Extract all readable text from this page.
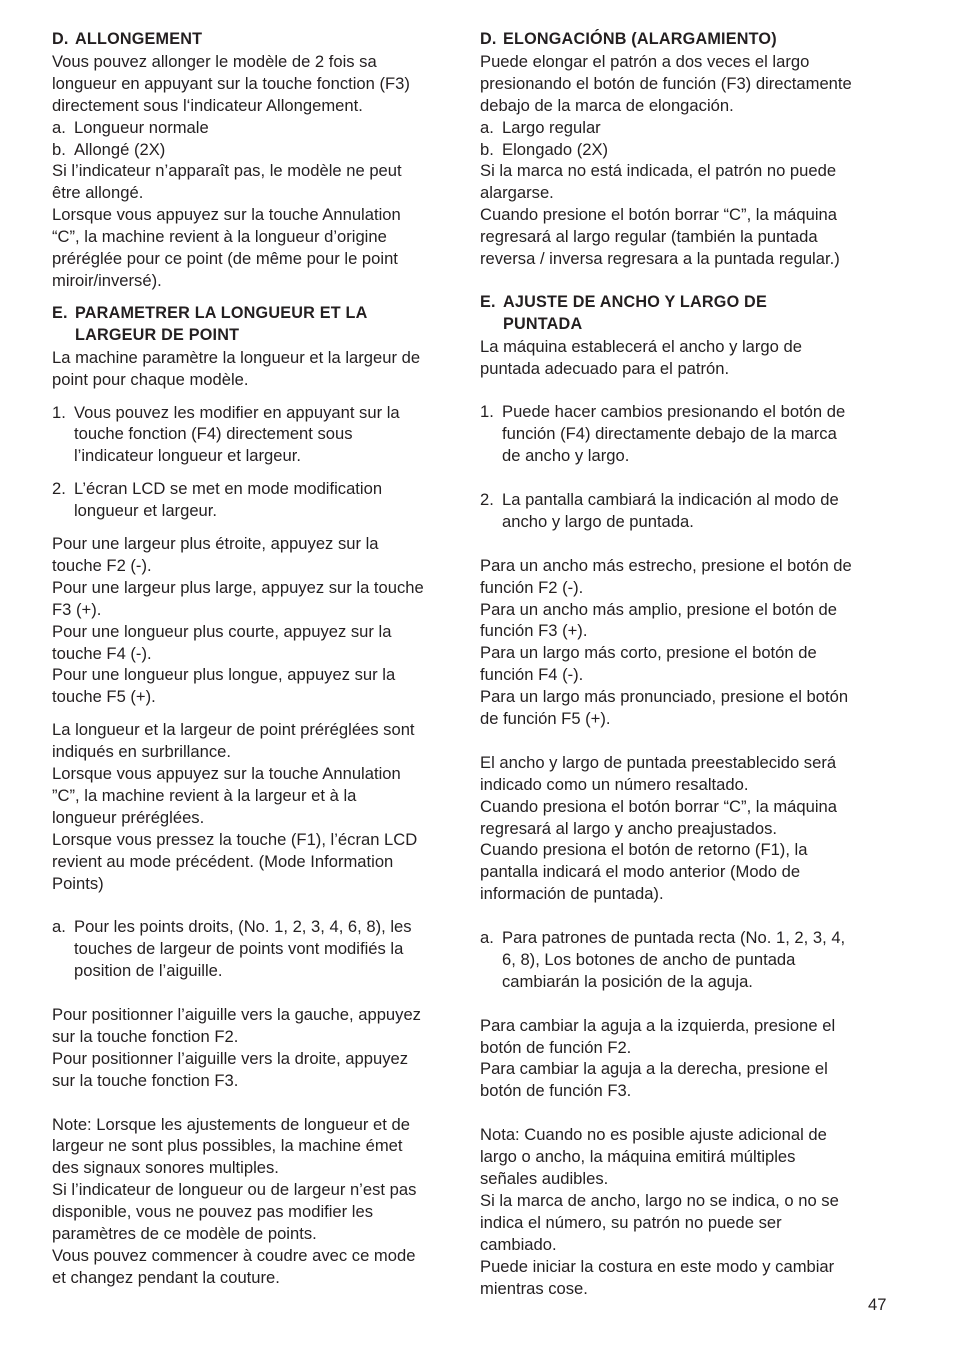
D. ALLONGEMENT
Vous pouvez allonger le modèle de 2 fois sa
longueur en appuyant sur la touche fonction (F3)
directement sous l‘indicateur Allongement.
a. Longueur normale
b. Allongé (2X)
Si l’indicateur n’apparaît pas, le modèle ne peut
être allongé.
Lorsque vous appuyez sur la touche Annulation
“C”, la machine revient à la longueur d’origine
préréglée pour ce point (de même pour le point
miroir/inversé).
E. PARAMETRER LA LONGUEUR ET LA
LARGEUR DE POINT
La machine paramètre la longueur et la largeur de
point pour chaque modèle.
1. Vous pouvez les modifier en appuyant sur la
touche fonction (F4) directement sous
l’indicateur longueur et largeur.
2. L’écran LCD se met en mode modification
longueur et largeur.
Pour une largeur plus étroite, appuyez sur la
touche F2 (-).
Pour une largeur plus large, appuyez sur la touche
F3 (+).
Pour une longueur plus courte, appuyez sur la
touche F4 (-).
Pour une longueur plus longue, appuyez sur la
touche F5 (+).
La longueur et la largeur de point préréglées sont
indiqués en surbrillance.
Lorsque vous appuyez sur la touche Annulation
”C”, la machine revient à la largeur et à la
longueur préréglées.
Lorsque vous pressez la touche (F1), l’écran LCD
revient au mode précédent. (Mode Information
Points)
a. Pour les points droits, (No. 1, 2, 3, 4, 6, 8), les
touches de largeur de points vont modifiés la
position de l’aiguille.
Pour positionner l’aiguille vers la gauche, appuyez
sur la touche fonction F2.
Pour positionner l’aiguille vers la droite, appuyez
sur la touche fonction F3.
Note: Lorsque les ajustements de longueur et de
largeur ne sont plus possibles, la machine émet
des signaux sonores multiples.
Si l’indicateur de longueur ou de largeur n’est pas
disponible, vous ne pouvez pas modifier les
paramètres de ce modèle de points.
Vous pouvez commencer à coudre avec ce mode
et changez pendant la couture.
D. ELONGACIÓNB (ALARGAMIENTO)
Puede elongar el patrón a dos veces el largo
presionando el botón de función (F3) directamente
debajo de la marca de elongación.
a. Largo regular
b. Elongado (2X)
Si la marca no está indicada, el patrón no puede
alargarse.
Cuando presione el botón borrar “C”, la máquina
regresará al largo regular (también la puntada
reversa / inversa regresara a la puntada regular.)
E. AJUSTE DE ANCHO Y LARGO DE
PUNTADA
La máquina establecerá el ancho y largo de
puntada adecuado para el patrón.
1. Puede hacer cambios presionando el botón de
función (F4) directamente debajo de la marca
de ancho y largo.
2. La pantalla cambiará la indicación al modo de
ancho y largo de puntada.
Para un ancho más estrecho, presione el botón de
función F2 (-).
Para un ancho más amplio, presione el botón de
función F3 (+).
Para un largo más corto, presione el botón de
función F4 (-).
Para un largo más pronunciado, presione el botón
de función F5 (+).
El ancho y largo de puntada preestablecido será
indicado como un número resaltado.
Cuando presiona el botón borrar “C”, la máquina
regresará al largo y ancho preajustados.
Cuando presiona el botón de retorno (F1), la
pantalla indicará el modo anterior (Modo de
información de puntada).
a. Para patrones de puntada recta (No. 1, 2, 3, 4,
6, 8), Los botones de ancho de puntada
cambiarán la posición de la aguja.
Para cambiar la aguja a la izquierda, presione el
botón de función F2.
Para cambiar la aguja a la derecha, presione el
botón de función F3.
Nota: Cuando no es posible ajuste adicional de
largo o ancho, la máquina emitirá múltiples
señales audibles.
Si la marca de ancho, largo no se indica, o no se
indica el número, su patrón no puede ser
cambiado.
Puede iniciar la costura en este modo y cambiar
mientras cose.
47
